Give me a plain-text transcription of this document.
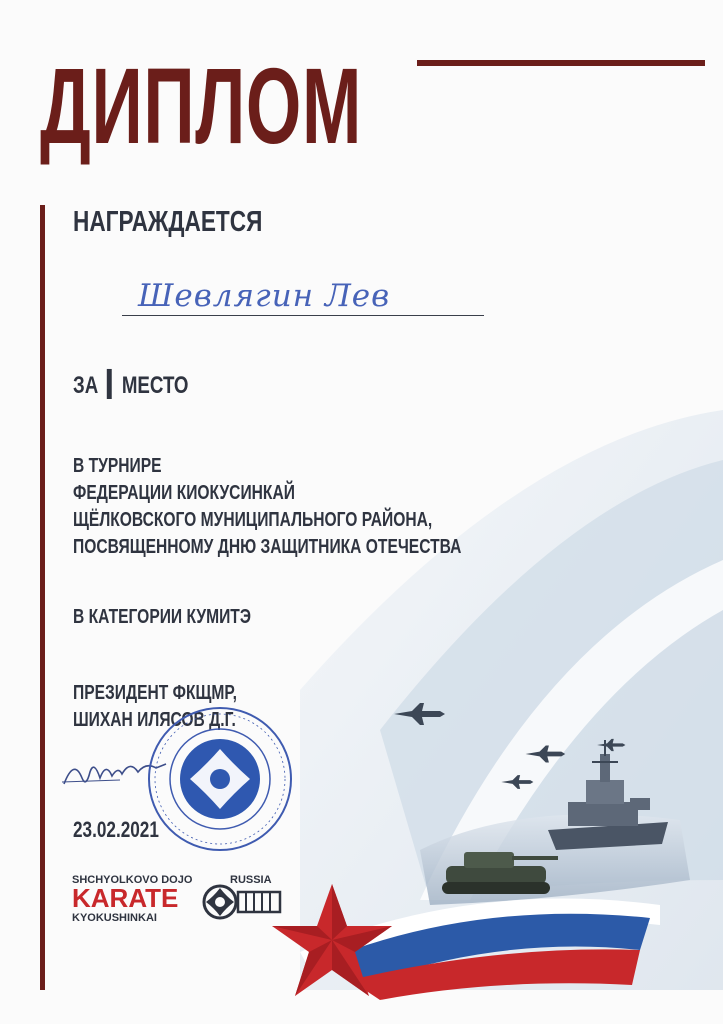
ДИПЛОМ
НАГРАЖДАЕТСЯ
Шевлягин Лев
ЗА I МЕСТО
В ТУРНИРЕ
ФЕДЕРАЦИИ КИОКУСИНКАЙ
ЩЁЛКОВСКОГО МУНИЦИПАЛЬНОГО РАЙОНА,
ПОСВЯЩЕННОМУ ДНЮ ЗАЩИТНИКА ОТЕЧЕСТВА
В КАТЕГОРИИ КУМИТЭ
ПРЕЗИДЕНТ ФКЩМР,
ШИХАН ИЛЯСОВ Д.Г.
23.02.2021
SHCHYOLKOVO DOJO	RUSSIA
KARATE
KYOKUSHINKAI
